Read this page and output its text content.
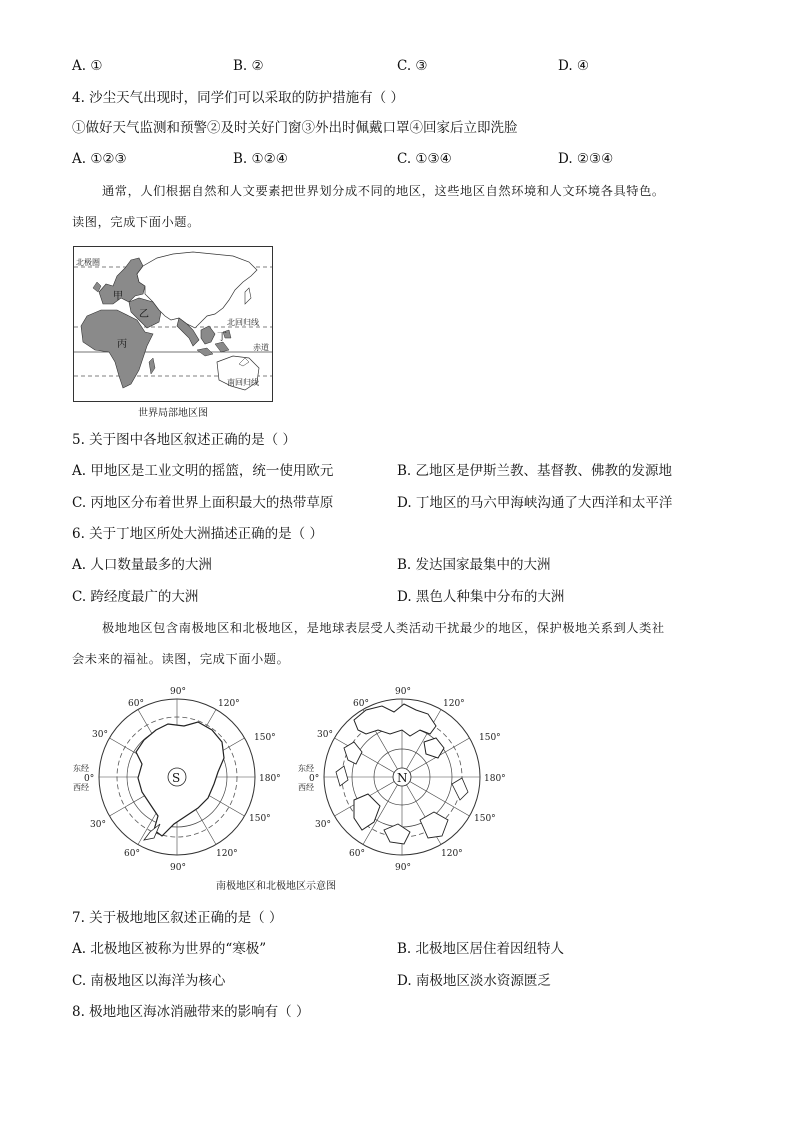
A. ①	B. ②	C. ③	D. ④
4. 沙尘天气出现时，同学们可以采取的防护措施有（ ）
①做好天气监测和预警②及时关好门窗③外出时佩戴口罩④回家后立即洗脸
A. ①②③	B. ①②④	C. ①③④	D. ②③④
通常，人们根据自然和人文要素把世界划分成不同的地区，这些地区自然环境和人文环境各具特色。
读图，完成下面小题。
北极圈
北回归线
赤道
南回归线
甲
乙
丙
丁
世界局部地区图
5. 关于图中各地区叙述正确的是（ ）
A. 甲地区是工业文明的摇篮，统一使用欧元	B. 乙地区是伊斯兰教、基督教、佛教的发源地
C. 丙地区分布着世界上面积最大的热带草原	D. 丁地区的马六甲海峡沟通了大西洋和太平洋
6. 关于丁地区所处大洲描述正确的是（ ）
A. 人口数量最多的大洲	B. 发达国家最集中的大洲
C. 跨经度最广的大洲	D. 黑色人种集中分布的大洲
极地地区包含南极地区和北极地区，是地球表层受人类活动干扰最少的地区，保护极地关系到人类社
会未来的福祉。读图，完成下面小题。
S
90°
120°
150°
180°
150°
120°
90°
60°
30°
0°
30°
60°
东经
西经
N
90°
120°
150°
180°
150°
120°
90°
60°
30°
0°
30°
60°
东经
西经
南极地区和北极地区示意图
7. 关于极地地区叙述正确的是（ ）
A. 北极地区被称为世界的“寒极”	B. 北极地区居住着因纽特人
C. 南极地区以海洋为核心	D. 南极地区淡水资源匮乏
8. 极地地区海冰消融带来的影响有（ ）
